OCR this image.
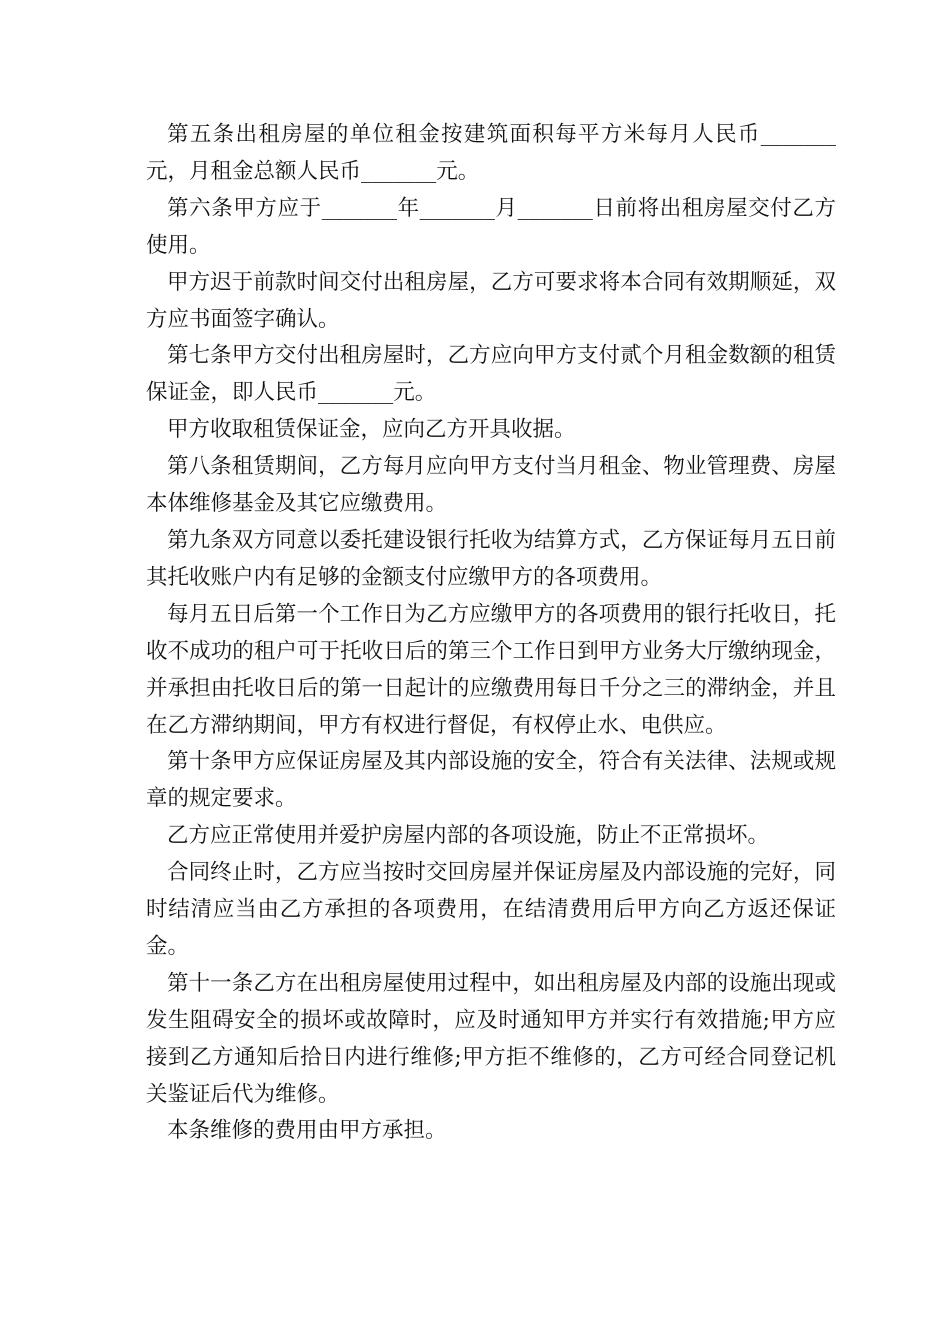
第五条出租房屋的单位租金按建筑面积每平方米每月人民币_______元，月租金总额人民币_______元。

第六条甲方应于_______年_______月_______日前将出租房屋交付乙方使用。

甲方迟于前款时间交付出租房屋，乙方可要求将本合同有效期顺延，双方应书面签字确认。

第七条甲方交付出租房屋时，乙方应向甲方支付贰个月租金数额的租赁保证金，即人民币_______元。

甲方收取租赁保证金，应向乙方开具收据。

第八条租赁期间，乙方每月应向甲方支付当月租金、物业管理费、房屋本体维修基金及其它应缴费用。

第九条双方同意以委托建设银行托收为结算方式，乙方保证每月五日前其托收账户内有足够的金额支付应缴甲方的各项费用。

每月五日后第一个工作日为乙方应缴甲方的各项费用的银行托收日，托收不成功的租户可于托收日后的第三个工作日到甲方业务大厅缴纳现金，并承担由托收日后的第一日起计的应缴费用每日千分之三的滞纳金，并且在乙方滞纳期间，甲方有权进行督促，有权停止水、电供应。

第十条甲方应保证房屋及其内部设施的安全，符合有关法律、法规或规章的规定要求。

乙方应正常使用并爱护房屋内部的各项设施，防止不正常损坏。

合同终止时，乙方应当按时交回房屋并保证房屋及内部设施的完好，同时结清应当由乙方承担的各项费用，在结清费用后甲方向乙方返还保证金。

第十一条乙方在出租房屋使用过程中，如出租房屋及内部的设施出现或发生阻碍安全的损坏或故障时，应及时通知甲方并实行有效措施;甲方应接到乙方通知后拾日内进行维修;甲方拒不维修的，乙方可经合同登记机关鉴证后代为维修。

本条维修的费用由甲方承担。
